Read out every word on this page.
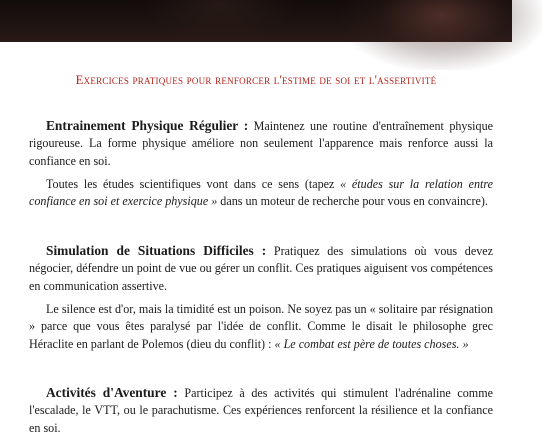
Exercices pratiques pour renforcer l'estime de soi et l'assertivité

Entrainement Physique Régulier : Maintenez une routine d'entraînement physique rigoureuse. La forme physique améliore non seulement l'apparence mais renforce aussi la confiance en soi.

Toutes les études scientifiques vont dans ce sens (tapez « études sur la relation entre confiance en soi et exercice physique » dans un moteur de recherche pour vous en convaincre).

Simulation de Situations Difficiles : Pratiquez des simulations où vous devez négocier, défendre un point de vue ou gérer un conflit. Ces pratiques aiguisent vos compétences en communication assertive.

Le silence est d'or, mais la timidité est un poison. Ne soyez pas un « solitaire par résignation » parce que vous êtes paralysé par l'idée de conflit. Comme le disait le philosophe grec Héraclite en parlant de Polemos (dieu du conflit) : « Le combat est père de toutes choses. »

Activités d'Aventure : Participez à des activités qui stimulent l'adrénaline comme l'escalade, le VTT, ou le parachutisme. Ces expériences renforcent la résilience et la confiance en soi.
